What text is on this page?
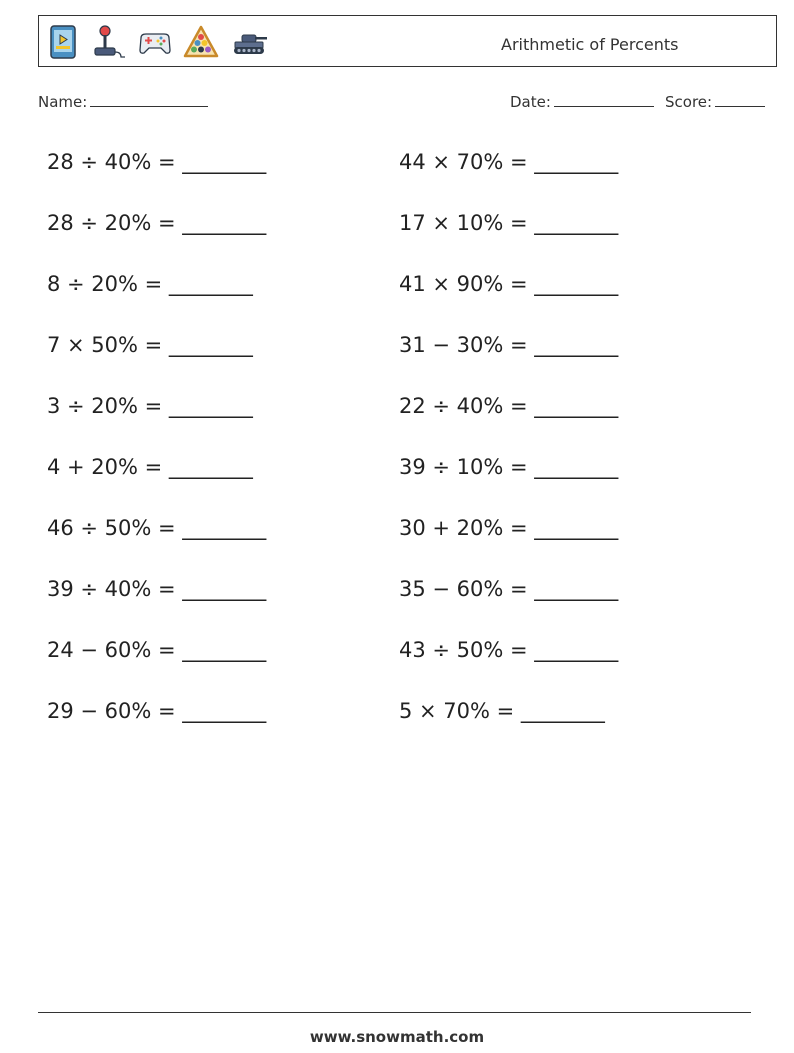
Arithmetic of Percents
Name:	Date:	Score:
28 ÷ 40% = ________
28 ÷ 20% = ________
8 ÷ 20% = ________
7 × 50% = ________
3 ÷ 20% = ________
4 + 20% = ________
46 ÷ 50% = ________
39 ÷ 40% = ________
24 − 60% = ________
29 − 60% = ________
44 × 70% = ________
17 × 10% = ________
41 × 90% = ________
31 − 30% = ________
22 ÷ 40% = ________
39 ÷ 10% = ________
30 + 20% = ________
35 − 60% = ________
43 ÷ 50% = ________
5 × 70% = ________
www.snowmath.com
